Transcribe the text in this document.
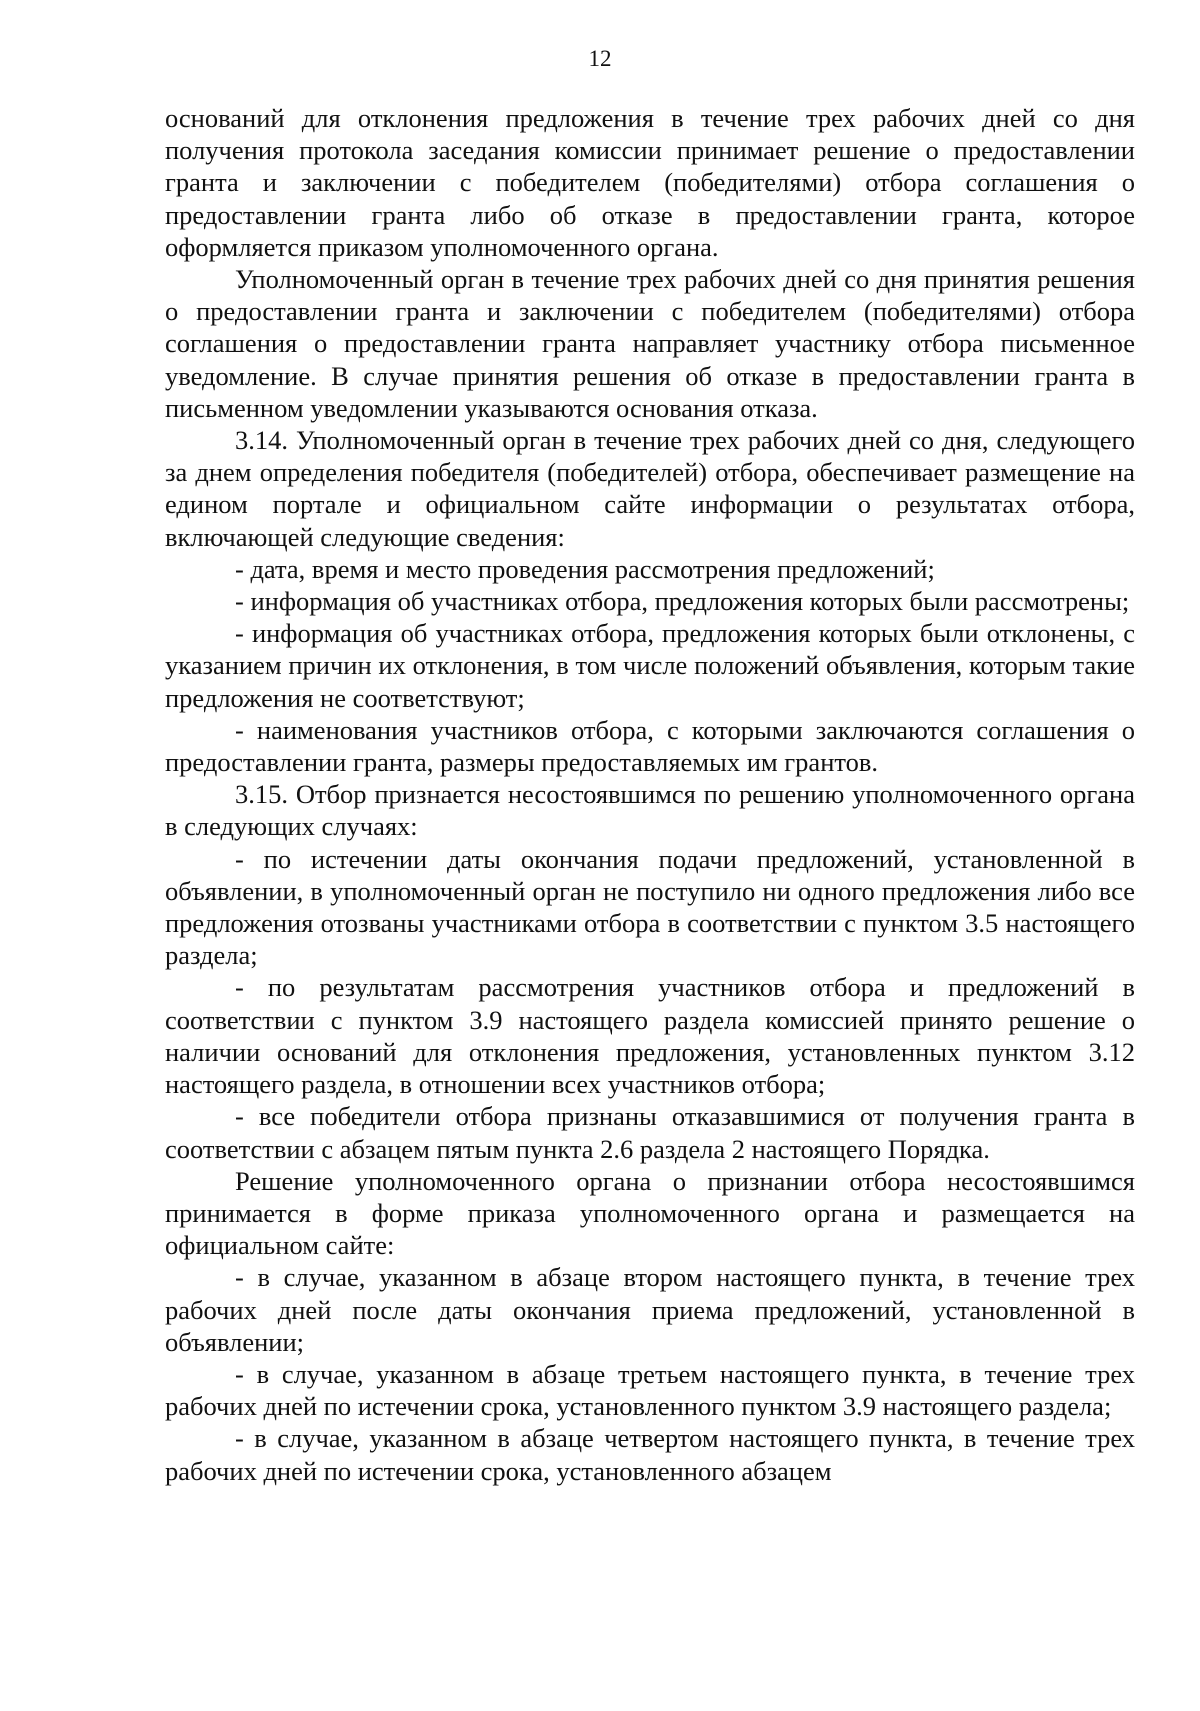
12

оснований для отклонения предложения в течение трех рабочих дней со дня получения протокола заседания комиссии принимает решение о предоставлении гранта и заключении с победителем (победителями) отбора соглашения о предоставлении гранта либо об отказе в предоставлении гранта, которое оформляется приказом уполномоченного органа.

Уполномоченный орган в течение трех рабочих дней со дня принятия решения о предоставлении гранта и заключении с победителем (победителями) отбора соглашения о предоставлении гранта направляет участнику отбора письменное уведомление. В случае принятия решения об отказе в предоставлении гранта в письменном уведомлении указываются основания отказа.

3.14. Уполномоченный орган в течение трех рабочих дней со дня, следующего за днем определения победителя (победителей) отбора, обеспечивает размещение на едином портале и официальном сайте информации о результатах отбора, включающей следующие сведения:

- дата, время и место проведения рассмотрения предложений;

- информация об участниках отбора, предложения которых были рассмотрены;

- информация об участниках отбора, предложения которых были отклонены, с указанием причин их отклонения, в том числе положений объявления, которым такие предложения не соответствуют;

- наименования участников отбора, с которыми заключаются соглашения о предоставлении гранта, размеры предоставляемых им грантов.

3.15. Отбор признается несостоявшимся по решению уполномоченного органа в следующих случаях:

- по истечении даты окончания подачи предложений, установленной в объявлении, в уполномоченный орган не поступило ни одного предложения либо все предложения отозваны участниками отбора в соответствии с пунктом 3.5 настоящего раздела;

- по результатам рассмотрения участников отбора и предложений в соответствии с пунктом 3.9 настоящего раздела комиссией принято решение о наличии оснований для отклонения предложения, установленных пунктом 3.12 настоящего раздела, в отношении всех участников отбора;

- все победители отбора признаны отказавшимися от получения гранта в соответствии с абзацем пятым пункта 2.6 раздела 2 настоящего Порядка.

Решение уполномоченного органа о признании отбора несостоявшимся принимается в форме приказа уполномоченного органа и размещается на официальном сайте:

- в случае, указанном в абзаце втором настоящего пункта, в течение трех рабочих дней после даты окончания приема предложений, установленной в объявлении;

- в случае, указанном в абзаце третьем настоящего пункта, в течение трех рабочих дней по истечении срока, установленного пунктом 3.9 настоящего раздела;

- в случае, указанном в абзаце четвертом настоящего пункта, в течение трех рабочих дней по истечении срока, установленного абзацем
